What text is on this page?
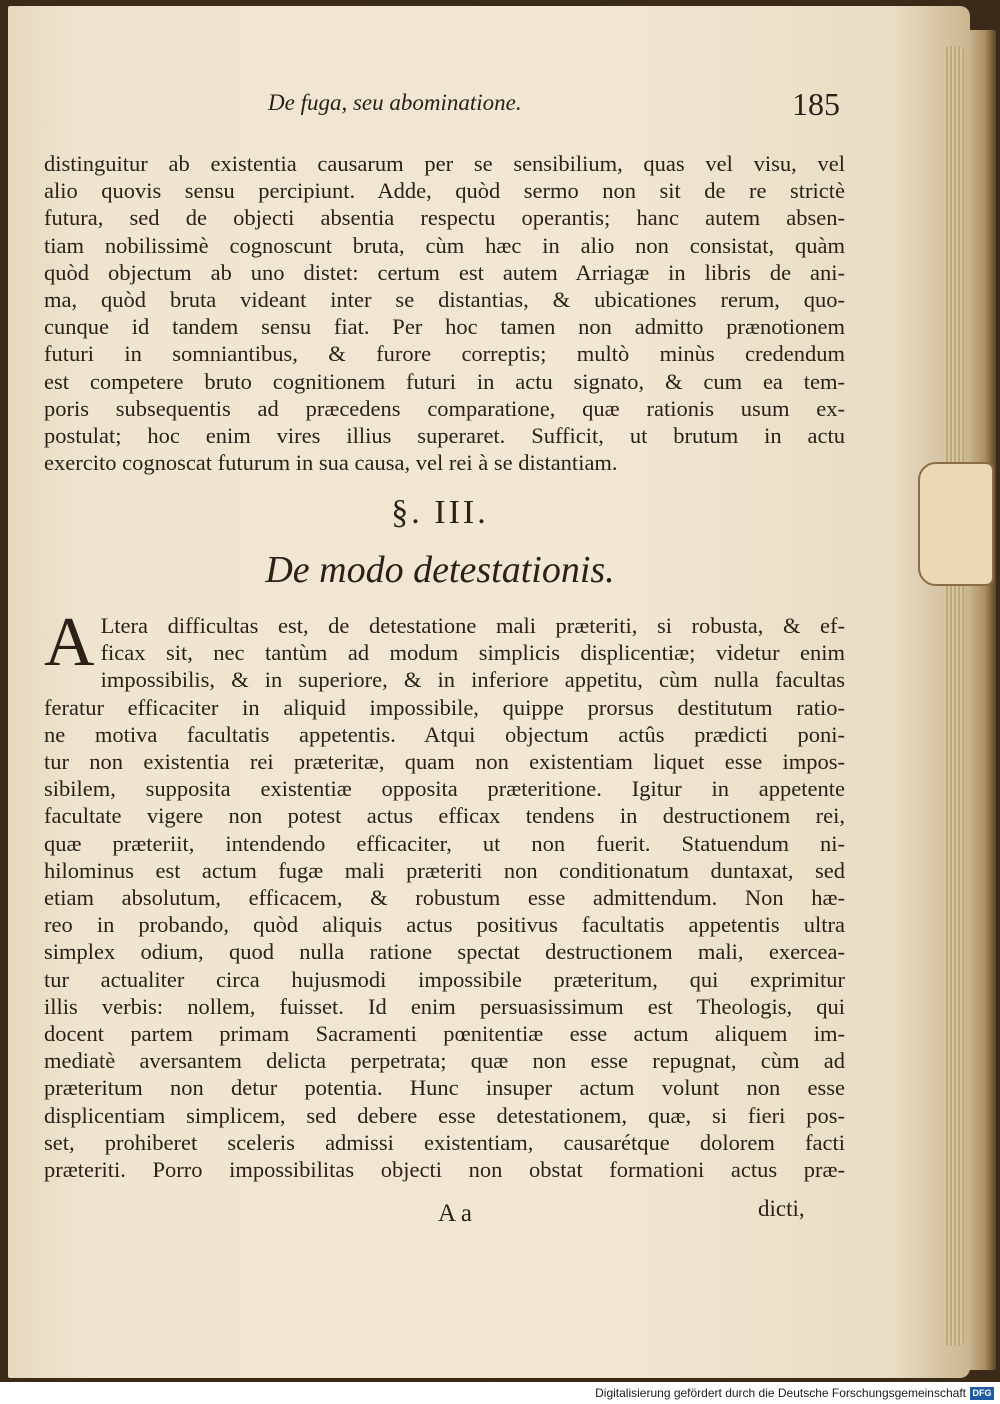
De fuga, seu abominatione.	185
distinguitur ab existentia causarum per se sensibilium, quas vel visu, vel
alio quovis sensu percipiunt. Adde, quòd sermo non sit de re strictè
futura, sed de objecti absentia respectu operantis; hanc autem absen-
tiam nobilissimè cognoscunt bruta, cùm hæc in alio non consistat, quàm
quòd objectum ab uno distet: certum est autem Arriagæ in libris de ani-
ma, quòd bruta videant inter se distantias, & ubicationes rerum, quo-
cunque id tandem sensu fiat. Per hoc tamen non admitto prænotionem
futuri in somniantibus, & furore correptis; multò minùs credendum
est competere bruto cognitionem futuri in actu signato, & cum ea tem-
poris subsequentis ad præcedens comparatione, quæ rationis usum ex-
postulat; hoc enim vires illius superaret. Sufficit, ut brutum in actu
exercito cognoscat futurum in sua causa, vel rei à se distantiam.
§. III.
De modo detestationis.
A Ltera difficultas est, de detestatione mali præteriti, si robusta, & ef-
ficax sit, nec tantùm ad modum simplicis displicentiæ; videtur enim
impossibilis, & in superiore, & in inferiore appetitu, cùm nulla facultas
feratur efficaciter in aliquid impossibile, quippe prorsus destitutum ratio-
ne motiva facultatis appetentis. Atqui objectum actûs prædicti poni-
tur non existentia rei præteritæ, quam non existentiam liquet esse impos-
sibilem, supposita existentiæ opposita præteritione. Igitur in appetente
facultate vigere non potest actus efficax tendens in destructionem rei,
quæ præteriit, intendendo efficaciter, ut non fuerit. Statuendum ni-
hilominus est actum fugæ mali præteriti non conditionatum duntaxat, sed
etiam absolutum, efficacem, & robustum esse admittendum. Non hæ-
reo in probando, quòd aliquis actus positivus facultatis appetentis ultra
simplex odium, quod nulla ratione spectat destructionem mali, exercea-
tur actualiter circa hujusmodi impossibile præteritum, qui exprimitur
illis verbis: nollem, fuisset. Id enim persuasissimum est Theologis, qui
docent partem primam Sacramenti pœnitentiæ esse actum aliquem im-
mediatè aversantem delicta perpetrata; quæ non esse repugnat, cùm ad
præteritum non detur potentia. Hunc insuper actum volunt non esse
displicentiam simplicem, sed debere esse detestationem, quæ, si fieri pos-
set, prohiberet sceleris admissi existentiam, causarétque dolorem facti
præteriti. Porro impossibilitas objecti non obstat formationi actus præ-
A a	dicti,
Digitalisierung gefördert durch die Deutsche Forschungsgemeinschaft DFG
